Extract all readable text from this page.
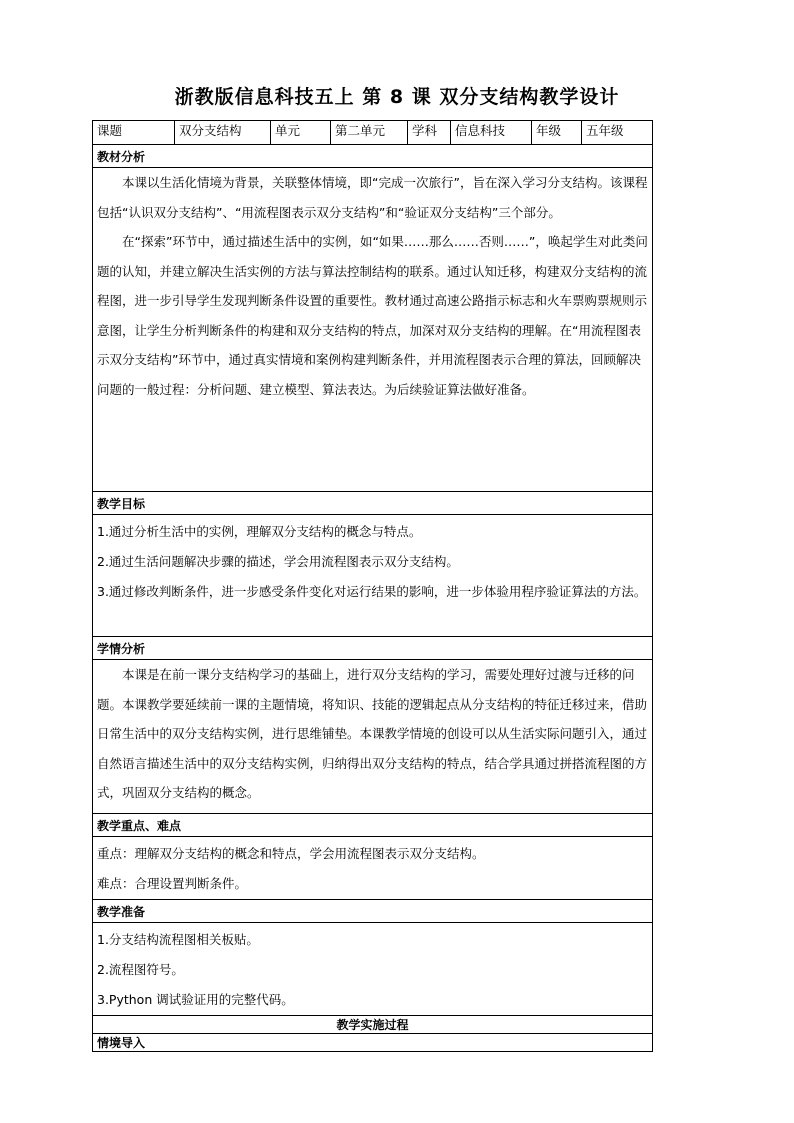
浙教版信息科技五上 第 8 课 双分支结构教学设计
课题	双分支结构	单元	第二单元	学科	信息科技	年级	五年级
教材分析

本课以生活化情境为背景，关联整体情境，即“完成一次旅行”，旨在深入学习分支结构。该课程包括“认识双分支结构”、“用流程图表示双分支结构”和“验证双分支结构”三个部分。

在“探索”环节中，通过描述生活中的实例，如“如果……那么……否则……”，唤起学生对此类问题的认知，并建立解决生活实例的方法与算法控制结构的联系。通过认知迁移，构建双分支结构的流程图，进一步引导学生发现判断条件设置的重要性。教材通过高速公路指示标志和火车票购票规则示意图，让学生分析判断条件的构建和双分支结构的特点，加深对双分支结构的理解。在“用流程图表示双分支结构”环节中，通过真实情境和案例构建判断条件，并用流程图表示合理的算法，回顾解决问题的一般过程：分析问题、建立模型、算法表达。为后续验证算法做好准备。

教学目标

1.通过分析生活中的实例，理解双分支结构的概念与特点。

2.通过生活问题解决步骤的描述，学会用流程图表示双分支结构。

3.通过修改判断条件，进一步感受条件变化对运行结果的影响，进一步体验用程序验证算法的方法。

学情分析

本课是在前一课分支结构学习的基础上，进行双分支结构的学习，需要处理好过渡与迁移的问题。本课教学要延续前一课的主题情境，将知识、技能的逻辑起点从分支结构的特征迁移过来，借助日常生活中的双分支结构实例，进行思维铺垫。本课教学情境的创设可以从生活实际问题引入，通过自然语言描述生活中的双分支结构实例，归纳得出双分支结构的特点，结合学具通过拼搭流程图的方式，巩固双分支结构的概念。

教学重点、难点

重点：理解双分支结构的概念和特点，学会用流程图表示双分支结构。

难点：合理设置判断条件。

教学准备

1.分支结构流程图相关板贴。

2.流程图符号。

3.Python 调试验证用的完整代码。

教学实施过程
情境导入
